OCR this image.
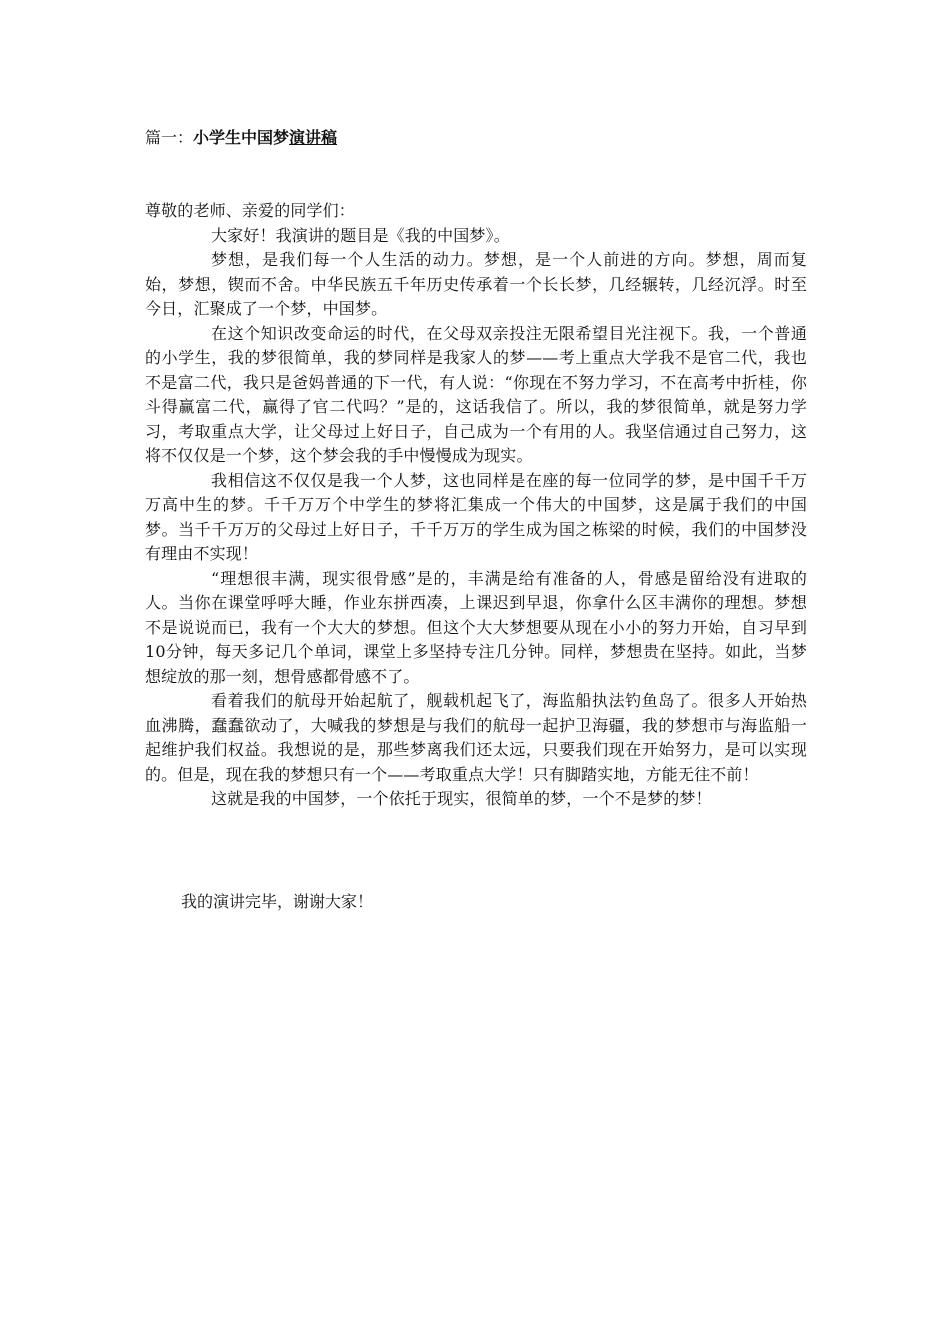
篇一：小学生中国梦演讲稿

尊敬的老师、亲爱的同学们：

大家好！我演讲的题目是《我的中国梦》。

梦想，是我们每一个人生活的动力。梦想，是一个人前进的方向。梦想，周而复始，梦想，锲而不舍。中华民族五千年历史传承着一个长长梦，几经辗转，几经沉浮。时至今日，汇聚成了一个梦，中国梦。

在这个知识改变命运的时代，在父母双亲投注无限希望目光注视下。我，一个普通的小学生，我的梦很简单，我的梦同样是我家人的梦——考上重点大学我不是官二代，我也不是富二代，我只是爸妈普通的下一代，有人说：“你现在不努力学习，不在高考中折桂，你斗得赢富二代，赢得了官二代吗？”是的，这话我信了。所以，我的梦很简单，就是努力学习，考取重点大学，让父母过上好日子，自己成为一个有用的人。我坚信通过自己努力，这将不仅仅是一个梦，这个梦会我的手中慢慢成为现实。

我相信这不仅仅是我一个人梦，这也同样是在座的每一位同学的梦，是中国千千万万高中生的梦。千千万万个中学生的梦将汇集成一个伟大的中国梦，这是属于我们的中国梦。当千千万万的父母过上好日子，千千万万的学生成为国之栋梁的时候，我们的中国梦没有理由不实现！

“理想很丰满，现实很骨感”是的，丰满是给有准备的人，骨感是留给没有进取的人。当你在课堂呼呼大睡，作业东拼西凑，上课迟到早退，你拿什么区丰满你的理想。梦想不是说说而已，我有一个大大的梦想。但这个大大梦想要从现在小小的努力开始，自习早到10分钟，每天多记几个单词，课堂上多坚持专注几分钟。同样，梦想贵在坚持。如此，当梦想绽放的那一刻，想骨感都骨感不了。

看着我们的航母开始起航了，舰载机起飞了，海监船执法钓鱼岛了。很多人开始热血沸腾，蠢蠢欲动了，大喊我的梦想是与我们的航母一起护卫海疆，我的梦想市与海监船一起维护我们权益。我想说的是，那些梦离我们还太远，只要我们现在开始努力，是可以实现的。但是，现在我的梦想只有一个——考取重点大学！只有脚踏实地，方能无往不前！

这就是我的中国梦，一个依托于现实，很简单的梦，一个不是梦的梦！

我的演讲完毕，谢谢大家！
